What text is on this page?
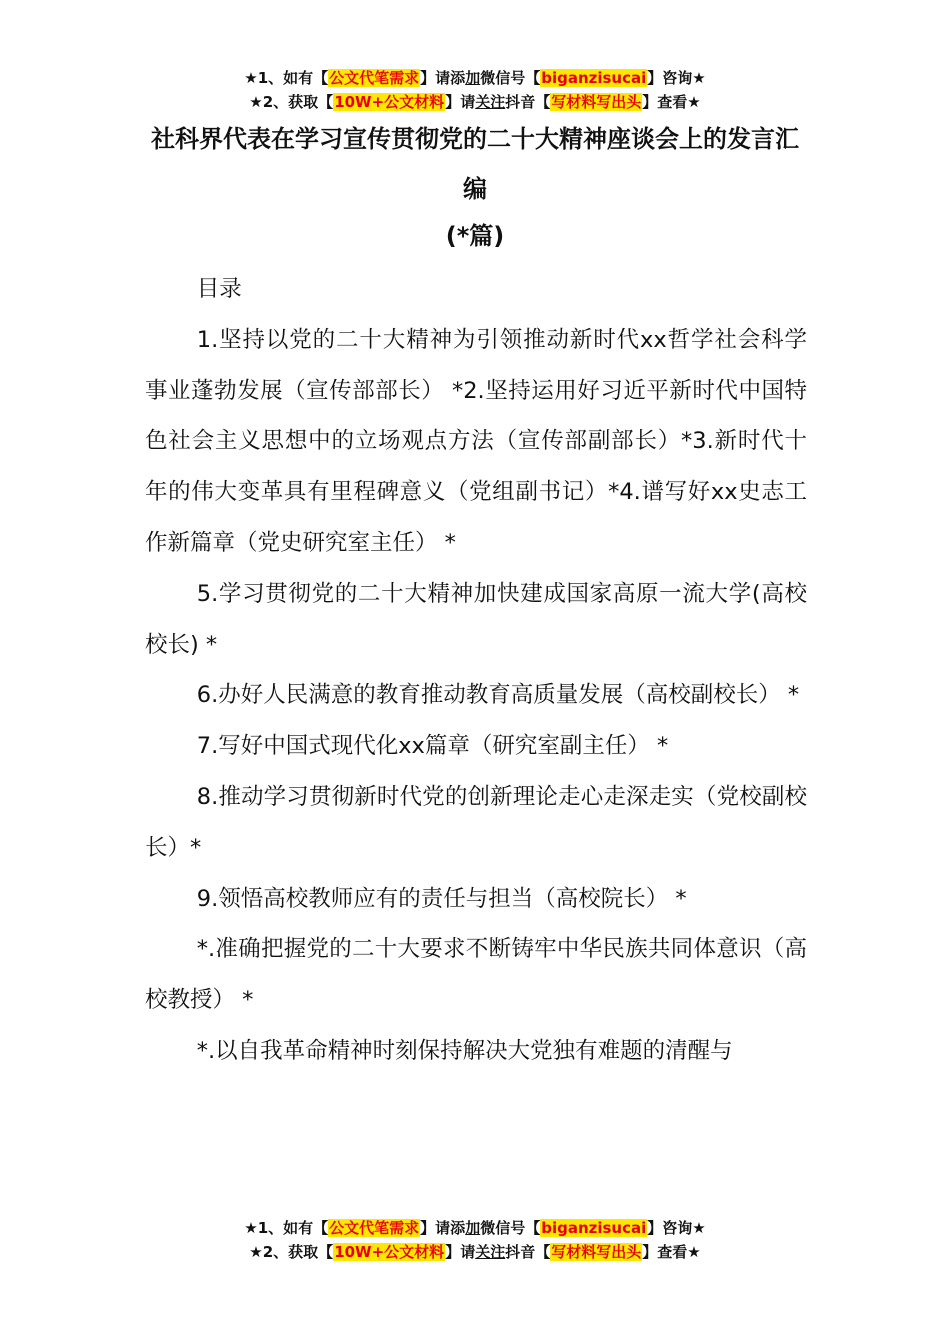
★1、如有【公文代笔需求】请添加微信号【biganzisucai】咨询★
★2、获取【10W+公文材料】请关注抖音【写材料写出头】查看★
社科界代表在学习宣传贯彻党的二十大精神座谈会上的发言汇编
(*篇)

目录

1.坚持以党的二十大精神为引领推动新时代xx哲学社会科学事业蓬勃发展（宣传部部长） *2.坚持运用好习近平新时代中国特色社会主义思想中的立场观点方法（宣传部副部长）*3.新时代十年的伟大变革具有里程碑意义（党组副书记）*4.谱写好xx史志工作新篇章（党史研究室主任） *

5.学习贯彻党的二十大精神加快建成国家高原一流大学(高校校长) *

6.办好人民满意的教育推动教育高质量发展（高校副校长） *

7.写好中国式现代化xx篇章（研究室副主任） *

8.推动学习贯彻新时代党的创新理论走心走深走实（党校副校长）*

9.领悟高校教师应有的责任与担当（高校院长） *

*.准确把握党的二十大要求不断铸牢中华民族共同体意识（高校教授） *

*.以自我革命精神时刻保持解决大党独有难题的清醒与

★1、如有【公文代笔需求】请添加微信号【biganzisucai】咨询★
★2、获取【10W+公文材料】请关注抖音【写材料写出头】查看★
